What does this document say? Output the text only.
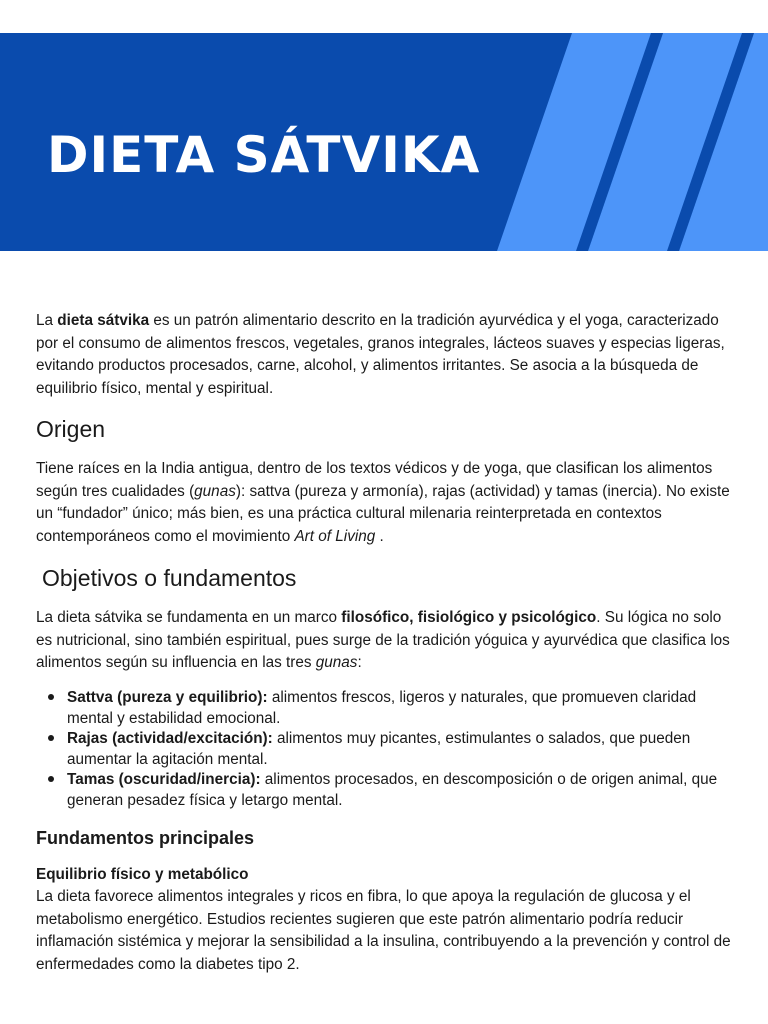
DIETA SÁTVIKA

La dieta sátvika es un patrón alimentario descrito en la tradición ayurvédica y el yoga, caracterizado por el consumo de alimentos frescos, vegetales, granos integrales, lácteos suaves y especias ligeras, evitando productos procesados, carne, alcohol, y alimentos irritantes. Se asocia a la búsqueda de equilibrio físico, mental y espiritual.

Origen

Tiene raíces en la India antigua, dentro de los textos védicos y de yoga, que clasifican los alimentos según tres cualidades (gunas): sattva (pureza y armonía), rajas (actividad) y tamas (inercia). No existe un “fundador” único; más bien, es una práctica cultural milenaria reinterpretada en contextos contemporáneos como el movimiento Art of Living .

Objetivos o fundamentos

La dieta sátvika se fundamenta en un marco filosófico, fisiológico y psicológico. Su lógica no solo es nutricional, sino también espiritual, pues surge de la tradición yóguica y ayurvédica que clasifica los alimentos según su influencia en las tres gunas:

Sattva (pureza y equilibrio): alimentos frescos, ligeros y naturales, que promueven claridad mental y estabilidad emocional.
Rajas (actividad/excitación): alimentos muy picantes, estimulantes o salados, que pueden aumentar la agitación mental.
Tamas (oscuridad/inercia): alimentos procesados, en descomposición o de origen animal, que generan pesadez física y letargo mental.
Fundamentos principales
Equilibrio físico y metabólico

La dieta favorece alimentos integrales y ricos en fibra, lo que apoya la regulación de glucosa y el metabolismo energético. Estudios recientes sugieren que este patrón alimentario podría reducir inflamación sistémica y mejorar la sensibilidad a la insulina, contribuyendo a la prevención y control de enfermedades como la diabetes tipo 2.
